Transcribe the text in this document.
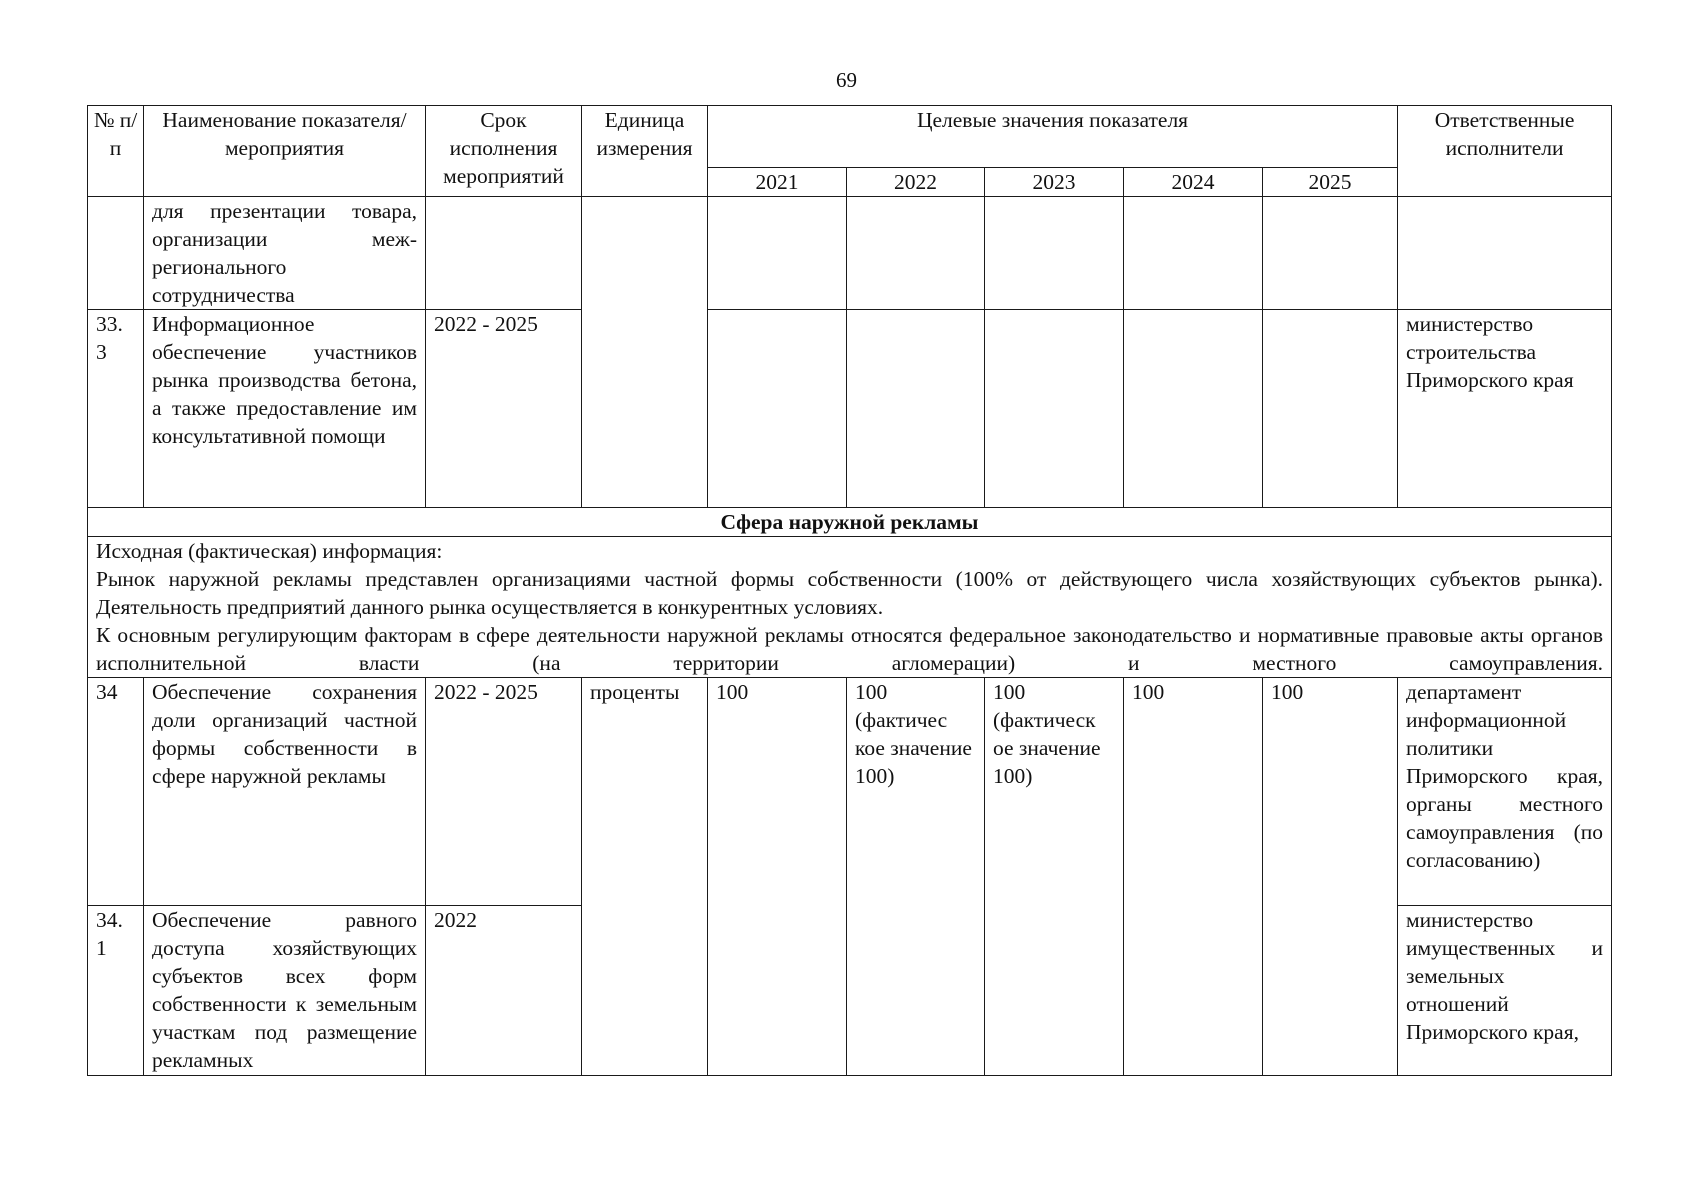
69
№ п/п	Наименование показателя/мероприятия	Срок исполнения мероприятий	Единица измерения	Целевые значения показателя					Ответственные исполнители
				2021	2022	2023	2024	2025	
	для презентации товара, организации меж-регионального сотрудничества								
33. 3	Информационное обеспечение участников рынка производства бетона, а также предоставление им консультативной помощи	2022 - 2025							министерство строительства Приморского края
Сфера наружной рекламы									

Исходная (фактическая) информация:

Рынок наружной рекламы представлен организациями частной формы собственности (100% от действующего числа хозяйствующих субъектов рынка). Деятельность предприятий данного рынка осуществляется в конкурентных условиях.

К основным регулирующим факторам в сфере деятельности наружной рекламы относятся федеральное законодательство и нормативные правовые акты органов исполнительной власти (на территории агломерации) и местного самоуправления.									

34	Обеспечение сохранения доли организаций частной формы собственности в сфере наружной рекламы	2022 - 2025	проценты	100	100 (фактичес кое значение 100)	100 (фактическ ое значение 100)	100	100	департамент информационной политики Приморского края, органы местного самоуправления (по согласованию)
34. 1	Обеспечение равного доступа хозяйствующих субъектов всех форм собственности к земельным участкам под размещение рекламных	2022							министерство имущественных и земельных отношений Приморского края,
